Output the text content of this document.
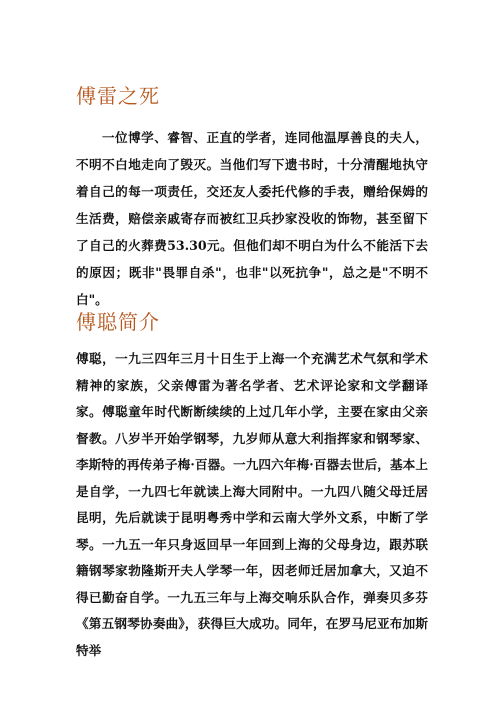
傅雷之死

一位博学、睿智、正直的学者，连同他温厚善良的夫人，不明不白地走向了毁灭。当他们写下遗书时，十分清醒地执守着自己的每一项责任，交还友人委托代修的手表，赠给保姆的生活费，赔偿亲戚寄存而被红卫兵抄家没收的饰物，甚至留下了自己的火葬费53.30元。但他们却不明白为什么不能活下去的原因；既非"畏罪自杀"，也非"以死抗争"，总之是"不明不白"。

傅聪简介

傅聪，一九三四年三月十日生于上海一个充满艺术气氛和学术精神的家族，父亲傅雷为著名学者、艺术评论家和文学翻译家。傅聪童年时代断断续续的上过几年小学，主要在家由父亲督教。八岁半开始学钢琴，九岁师从意大利指挥家和钢琴家、李斯特的再传弟子梅·百器。一九四六年梅·百器去世后，基本上是自学，一九四七年就读上海大同附中。一九四八随父母迁居昆明，先后就读于昆明粤秀中学和云南大学外文系，中断了学琴。一九五一年只身返回早一年回到上海的父母身边，跟苏联籍钢琴家勃隆斯开夫人学琴一年，因老师迁居加拿大，又迫不得已勤奋自学。一九五三年与上海交响乐队合作，弹奏贝多芬《第五钢琴协奏曲》，获得巨大成功。同年，在罗马尼亚布加斯特举
